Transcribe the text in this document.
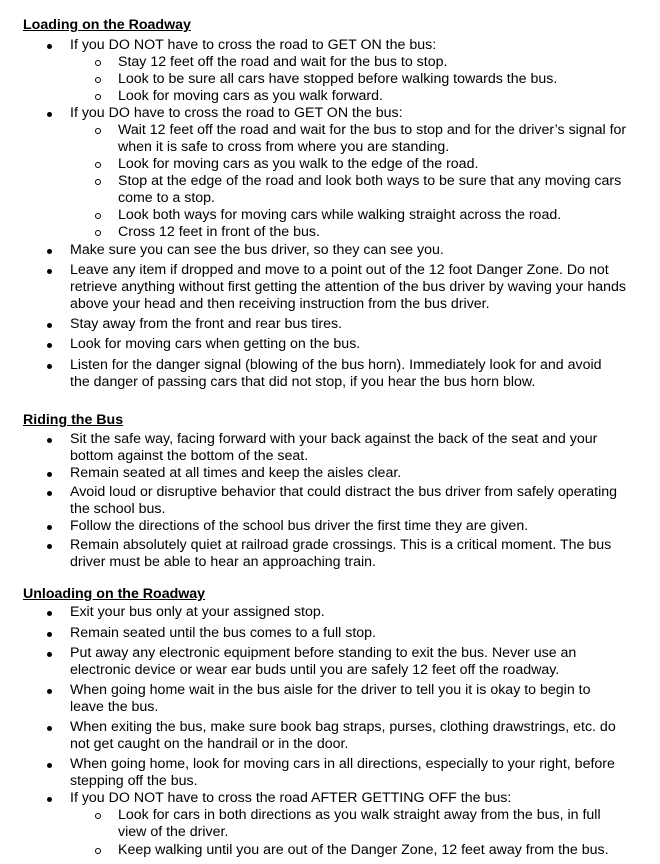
Loading on the Roadway
If you DO NOT have to cross the road to GET ON the bus:
Stay 12 feet off the road and wait for the bus to stop.
Look to be sure all cars have stopped before walking towards the bus.
Look for moving cars as you walk forward.
If you DO have to cross the road to GET ON the bus:
Wait 12 feet off the road and wait for the bus to stop and for the driver’s signal for
when it is safe to cross from where you are standing.
Look for moving cars as you walk to the edge of the road.
Stop at the edge of the road and look both ways to be sure that any moving cars
come to a stop.
Look both ways for moving cars while walking straight across the road.
Cross 12 feet in front of the bus.
Make sure you can see the bus driver, so they can see you.
Leave any item if dropped and move to a point out of the 12 foot Danger Zone. Do not
retrieve anything without first getting the attention of the bus driver by waving your hands
above your head and then receiving instruction from the bus driver.
Stay away from the front and rear bus tires.
Look for moving cars when getting on the bus.
Listen for the danger signal (blowing of the bus horn). Immediately look for and avoid
the danger of passing cars that did not stop, if you hear the bus horn blow.
Riding the Bus
Sit the safe way, facing forward with your back against the back of the seat and your
bottom against the bottom of the seat.
Remain seated at all times and keep the aisles clear.
Avoid loud or disruptive behavior that could distract the bus driver from safely operating
the school bus.
Follow the directions of the school bus driver the first time they are given.
Remain absolutely quiet at railroad grade crossings. This is a critical moment. The bus
driver must be able to hear an approaching train.
Unloading on the Roadway
Exit your bus only at your assigned stop.
Remain seated until the bus comes to a full stop.
Put away any electronic equipment before standing to exit the bus. Never use an
electronic device or wear ear buds until you are safely 12 feet off the roadway.
When going home wait in the bus aisle for the driver to tell you it is okay to begin to
leave the bus.
When exiting the bus, make sure book bag straps, purses, clothing drawstrings, etc. do
not get caught on the handrail or in the door.
When going home, look for moving cars in all directions, especially to your right, before
stepping off the bus.
If you DO NOT have to cross the road AFTER GETTING OFF the bus:
Look for cars in both directions as you walk straight away from the bus, in full
view of the driver.
Keep walking until you are out of the Danger Zone, 12 feet away from the bus.
